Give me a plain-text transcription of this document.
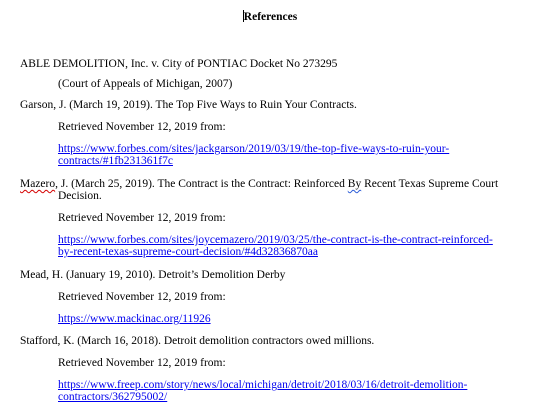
References
ABLE DEMOLITION, Inc. v. City of PONTIAC Docket No 273295
(Court of Appeals of Michigan, 2007)
Garson, J. (March 19, 2019). The Top Five Ways to Ruin Your Contracts.
Retrieved November 12, 2019 from:
https://www.forbes.com/sites/jackgarson/2019/03/19/the-top-five-ways-to-ruin-your-
contracts/#1fb231361f7c
Mazero, J. (March 25, 2019). The Contract is the Contract: Reinforced By Recent Texas Supreme Court
Decision.
Retrieved November 12, 2019 from:
https://www.forbes.com/sites/joycemazero/2019/03/25/the-contract-is-the-contract-reinforced-
by-recent-texas-supreme-court-decision/#4d32836870aa
Mead, H. (January 19, 2010). Detroit’s Demolition Derby
Retrieved November 12, 2019 from:
https://www.mackinac.org/11926
Stafford, K. (March 16, 2018). Detroit demolition contractors owed millions.
Retrieved November 12, 2019 from:
https://www.freep.com/story/news/local/michigan/detroit/2018/03/16/detroit-demolition-
contractors/362795002/
